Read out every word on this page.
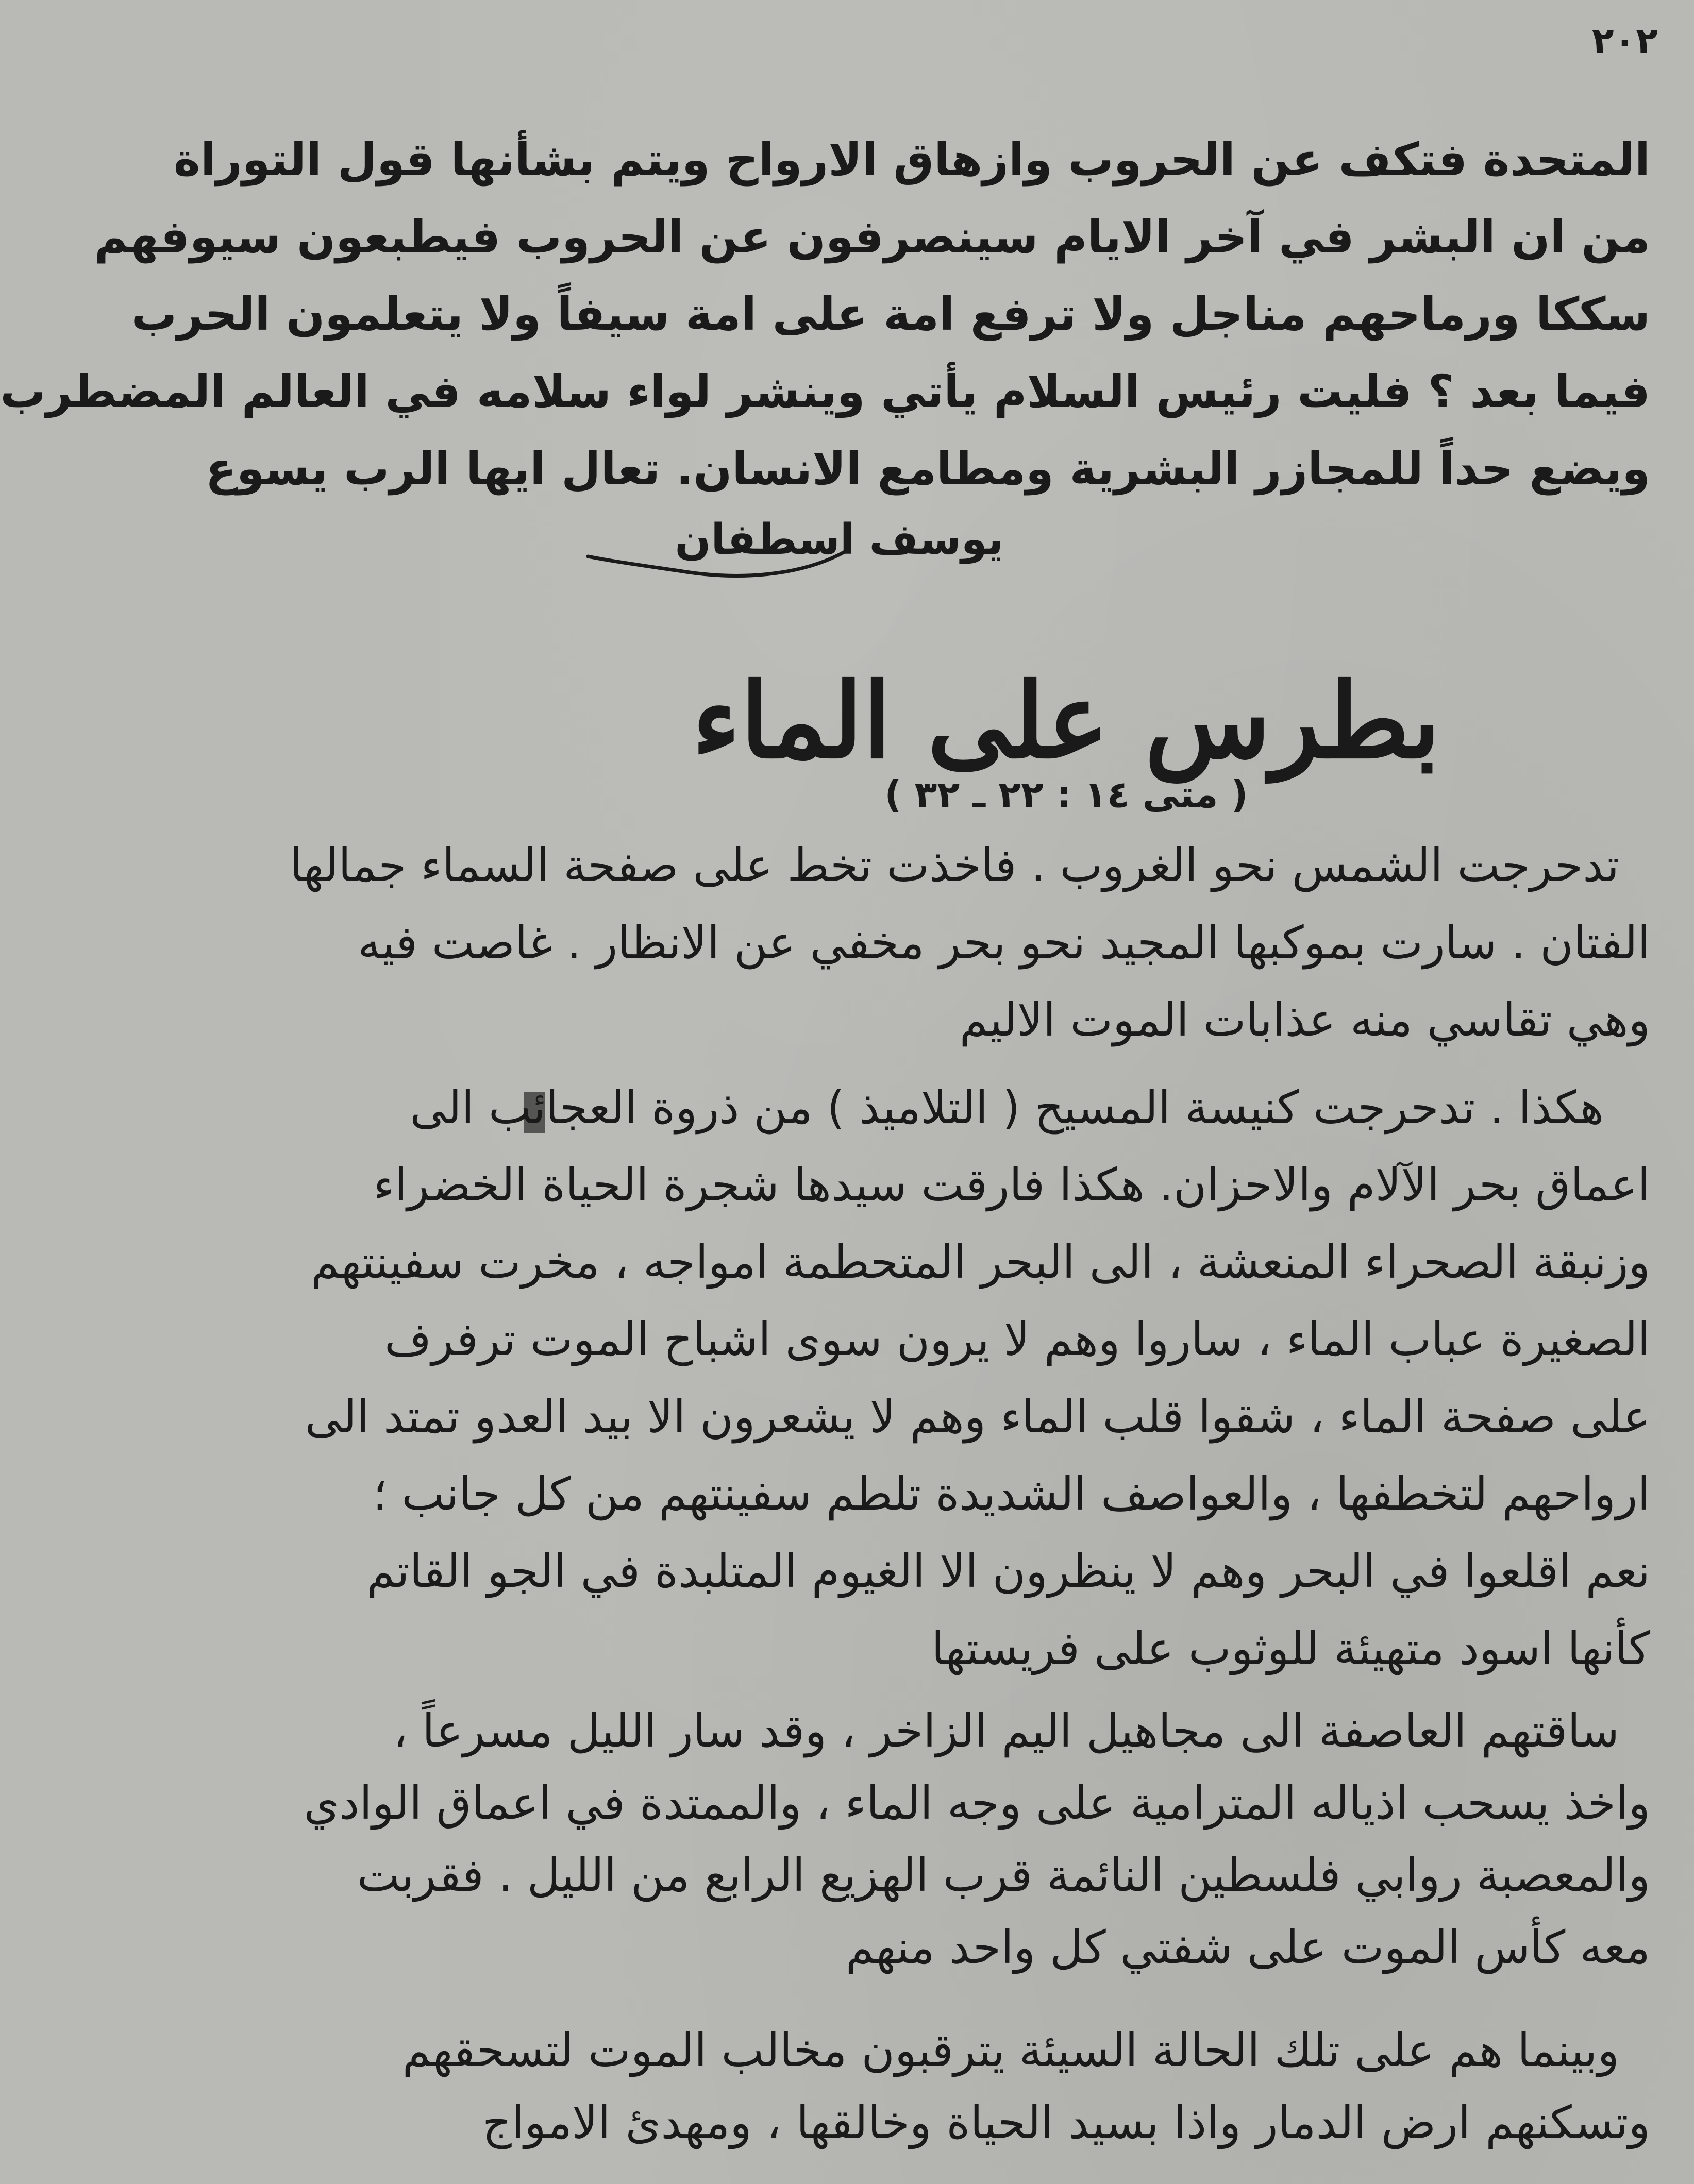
٢٠٢
المتحدة فتكف عن الحروب وازهاق الارواح ويتم بشأنها قول التوراة
من ان البشر في آخر الايام سينصرفون عن الحروب فيطبعون سيوفهم
سككا ورماحهم مناجل ولا ترفع امة على امة سيفاً ولا يتعلمون الحرب
فيما بعد ؟ فليت رئيس السلام يأتي وينشر لواء سلامه في العالم المضطرب
ويضع حداً للمجازر البشرية ومطامع الانسان. تعال ايها الرب يسوع
يوسف اسطفان
بطرس على الماء
( متى ١٤ : ٢٢ ـ ٣٢ )
تدحرجت الشمس نحو الغروب . فاخذت تخط على صفحة السماء جمالها
الفتان . سارت بموكبها المجيد نحو بحر مخفي عن الانظار . غاصت فيه
وهي تقاسي منه عذابات الموت الاليم
هكذا . تدحرجت كنيسة المسيح ( التلاميذ ) من ذروة العجائب الى
اعماق بحر الآلام والاحزان. هكذا فارقت سيدها شجرة الحياة الخضراء
وزنبقة الصحراء المنعشة ، الى البحر المتحطمة امواجه ، مخرت سفينتهم
الصغيرة عباب الماء ، ساروا وهم لا يرون سوى اشباح الموت ترفرف
على صفحة الماء ، شقوا قلب الماء وهم لا يشعرون الا بيد العدو تمتد الى
ارواحهم لتخطفها ، والعواصف الشديدة تلطم سفينتهم من كل جانب ؛
نعم اقلعوا في البحر وهم لا ينظرون الا الغيوم المتلبدة في الجو القاتم
كأنها اسود متهيئة للوثوب على فريستها
ساقتهم العاصفة الى مجاهيل اليم الزاخر ، وقد سار الليل مسرعاً ،
واخذ يسحب اذياله المترامية على وجه الماء ، والممتدة في اعماق الوادي
والمعصبة روابي فلسطين النائمة قرب الهزيع الرابع من الليل . فقربت
معه كأس الموت على شفتي كل واحد منهم
وبينما هم على تلك الحالة السيئة يترقبون مخالب الموت لتسحقهم
وتسكنهم ارض الدمار واذا بسيد الحياة وخالقها ، ومهدئ الامواج
